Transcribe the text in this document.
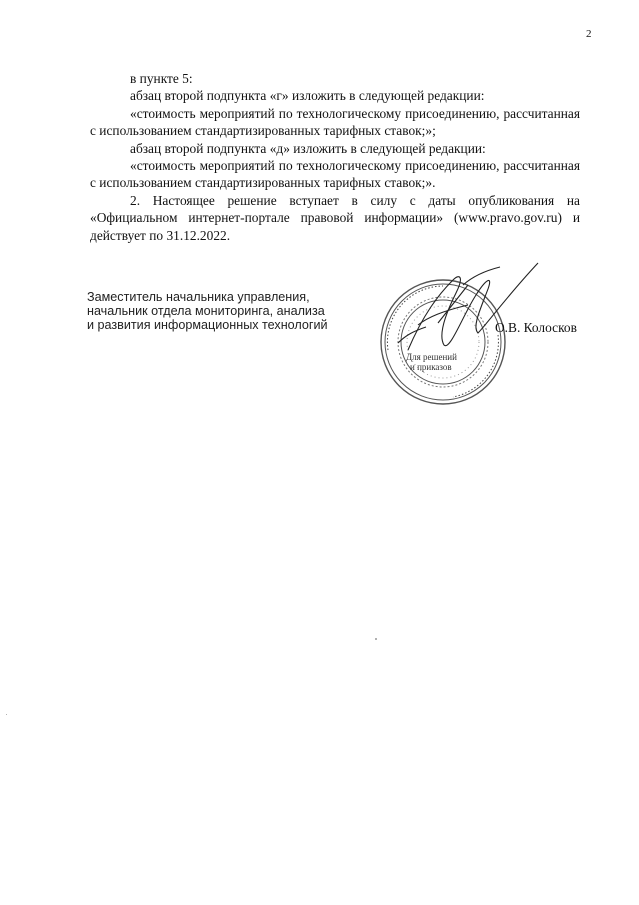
2

в пункте 5:

абзац второй подпункта «г» изложить в следующей редакции:

«стоимость мероприятий по технологическому присоединению, рассчитанная с использованием стандартизированных тарифных ставок;»;

абзац второй подпункта «д» изложить в следующей редакции:

«стоимость мероприятий по технологическому присоединению, рассчитанная с использованием стандартизированных тарифных ставок;».

2. Настоящее решение вступает в силу с даты опубликования на «Официальном интернет-портале правовой информации» (www.pravo.gov.ru) и действует по 31.12.2022.

Заместитель начальника управления,
начальник отдела мониторинга, анализа
и развития информационных технологий
Для решений
и приказов
О.В. Колосков
